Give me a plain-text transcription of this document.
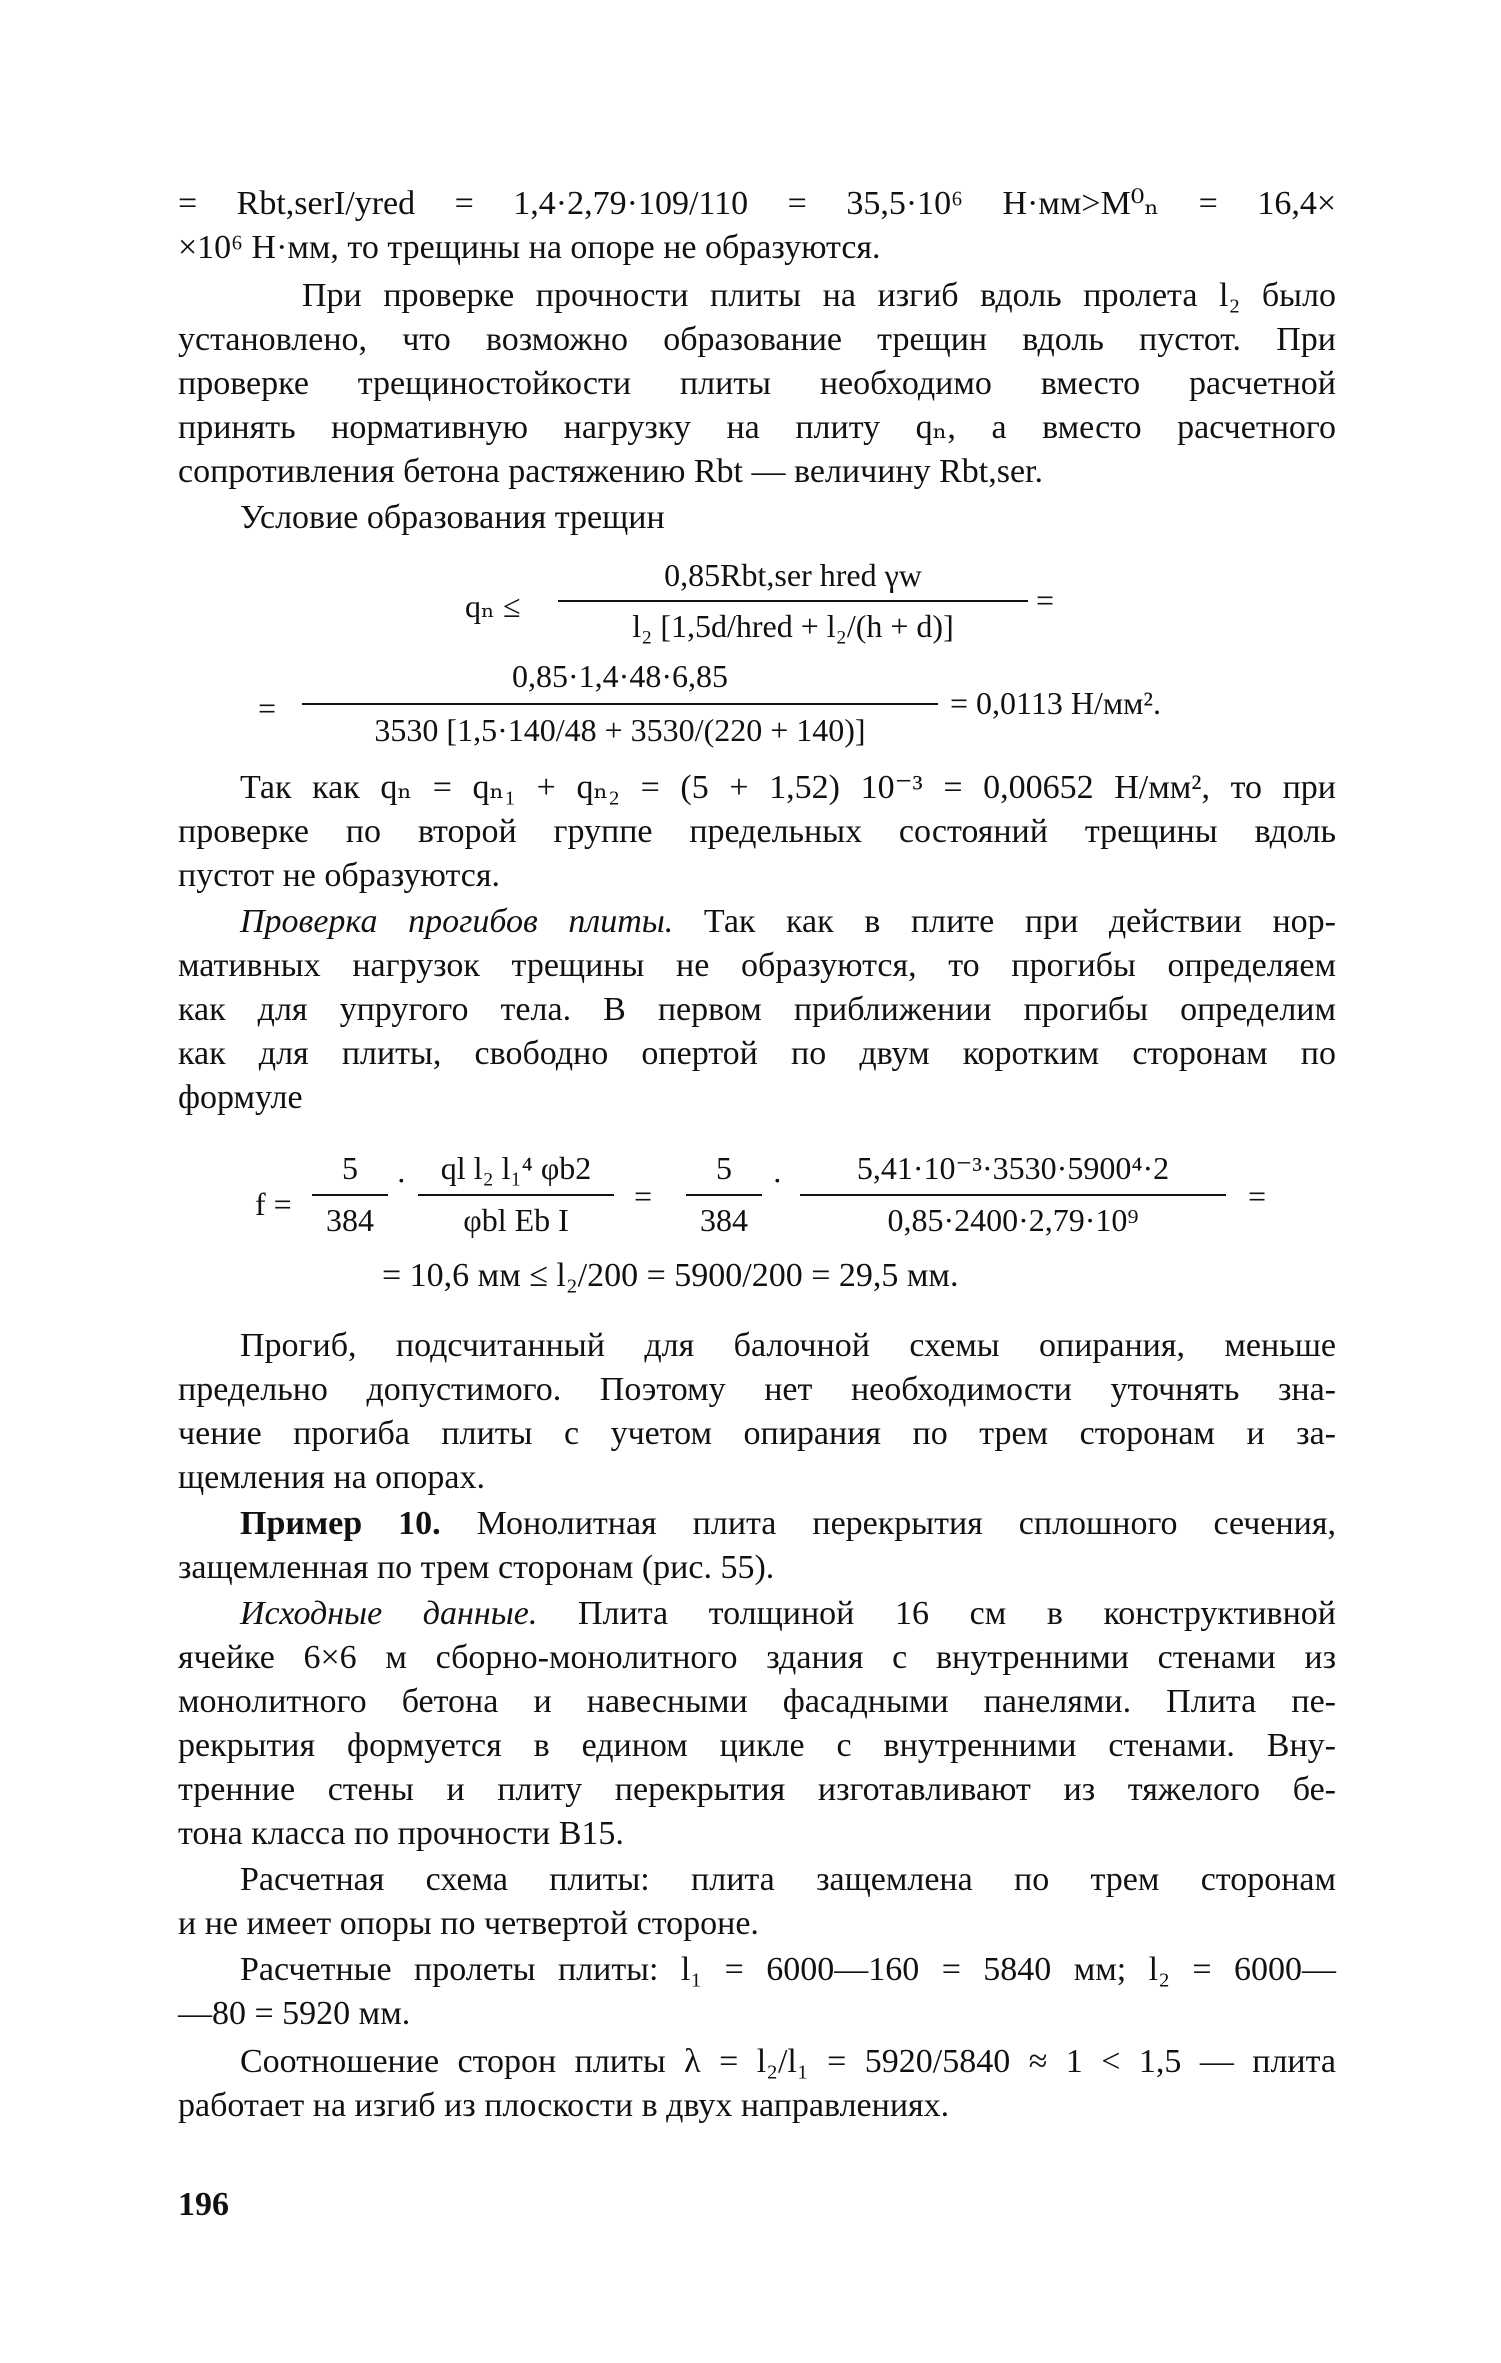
= Rbt,serI/yred = 1,4·2,79·109/110 = 35,5·10⁶ Н·мм>M⁰ₙ = 16,4×
×10⁶ Н·мм, то трещины на опоре не образуются.
При проверке прочности плиты на изгиб вдоль пролета l₂ было
установлено, что возможно образование трещин вдоль пустот. При
проверке трещиностойкости плиты необходимо вместо расчетной
принять нормативную нагрузку на плиту qₙ, а вместо расчетного
сопротивления бетона растяжению Rbt — величину Rbt,ser.
Условие образования трещин
qₙ ≤
0,85Rbt,ser hred γw
l₂ [1,5d/hred + l₂/(h + d)]
=
=
0,85·1,4·48·6,85
3530 [1,5·140/48 + 3530/(220 + 140)]
= 0,0113 Н/мм².
Так как qₙ = qₙ₁ + qₙ₂ = (5 + 1,52) 10⁻³ = 0,00652 Н/мм², то при
проверке по второй группе предельных состояний трещины вдоль
пустот не образуются.
Проверка прогибов плиты. Так как в плите при действии нор-
мативных нагрузок трещины не образуются, то прогибы определяем
как для упругого тела. В первом приближении прогибы определим
как для плиты, свободно опертой по двум коротким сторонам по
формуле
f =
5
384
·	ql l₂ l₁⁴ φb2
φbl Eb I
=
5
384
·	5,41·10⁻³·3530·5900⁴·2
0,85·2400·2,79·10⁹
=
= 10,6 мм ≤ l₂/200 = 5900/200 = 29,5 мм.
Прогиб, подсчитанный для балочной схемы опирания, меньше
предельно допустимого. Поэтому нет необходимости уточнять зна-
чение прогиба плиты с учетом опирания по трем сторонам и за-
щемления на опорах.
Пример 10. Монолитная плита перекрытия сплошного сечения,
защемленная по трем сторонам (рис. 55).
Исходные данные. Плита толщиной 16 см в конструктивной
ячейке 6×6 м сборно-монолитного здания с внутренними стенами из
монолитного бетона и навесными фасадными панелями. Плита пе-
рекрытия формуется в едином цикле с внутренними стенами. Вну-
тренние стены и плиту перекрытия изготавливают из тяжелого бе-
тона класса по прочности В15.
Расчетная схема плиты: плита защемлена по трем сторонам
и не имеет опоры по четвертой стороне.
Расчетные пролеты плиты: l₁ = 6000—160 = 5840 мм; l₂ = 6000—
—80 = 5920 мм.
Соотношение сторон плиты λ = l₂/l₁ = 5920/5840 ≈ 1 < 1,5 — плита
работает на изгиб из плоскости в двух направлениях.
196
